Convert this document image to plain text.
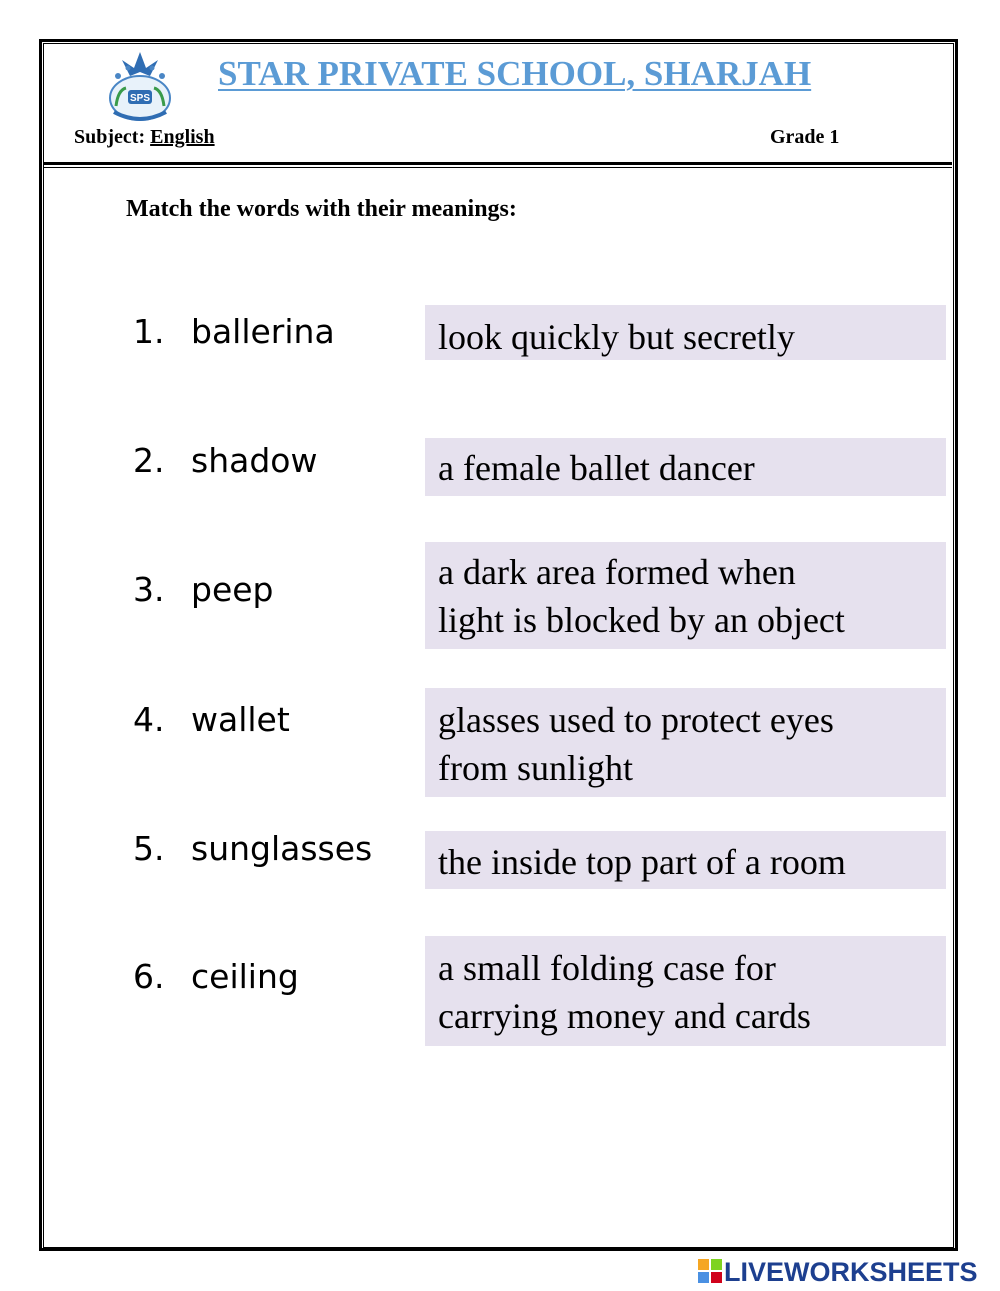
SPS
STAR PRIVATE SCHOOL, SHARJAH
Subject: English	Grade 1
Match the words with their meanings:
1. ballerina
2. shadow
3. peep
4. wallet
5. sunglasses
6. ceiling
look quickly but secretly
a female ballet dancer
a dark area formed when
light is blocked by an object
glasses used to protect eyes
from sunlight
the inside top part of a room
a small folding case for
carrying money and cards
LIVEWORKSHEETS
